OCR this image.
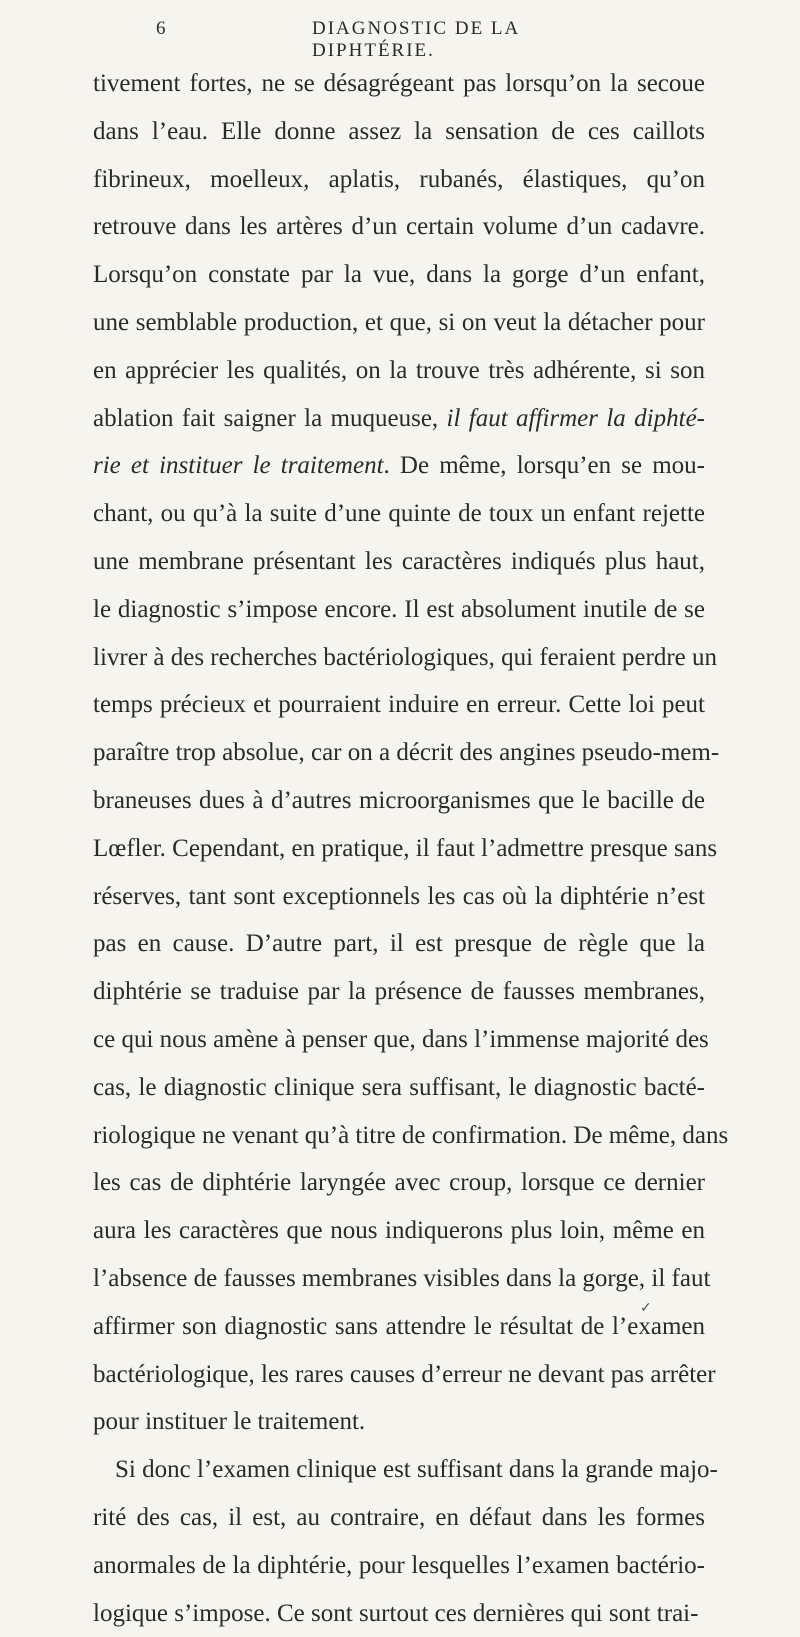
6	DIAGNOSTIC DE LA DIPHTÉRIE.
tivement fortes, ne se désagrégeant pas lorsqu’on la secoue
dans l’eau. Elle donne assez la sensation de ces caillots
fibrineux, moelleux, aplatis, rubanés, élastiques, qu’on
retrouve dans les artères d’un certain volume d’un cadavre.
Lorsqu’on constate par la vue, dans la gorge d’un enfant,
une semblable production, et que, si on veut la détacher pour
en apprécier les qualités, on la trouve très adhérente, si son
ablation fait saigner la muqueuse, il faut affirmer la diphté-
rie et instituer le traitement. De même, lorsqu’en se mou-
chant, ou qu’à la suite d’une quinte de toux un enfant rejette
une membrane présentant les caractères indiqués plus haut,
le diagnostic s’impose encore. Il est absolument inutile de se
livrer à des recherches bactériologiques, qui feraient perdre un
temps précieux et pourraient induire en erreur. Cette loi peut
paraître trop absolue, car on a décrit des angines pseudo-mem-
braneuses dues à d’autres microorganismes que le bacille de
Lœfler. Cependant, en pratique, il faut l’admettre presque sans
réserves, tant sont exceptionnels les cas où la diphtérie n’est
pas en cause. D’autre part, il est presque de règle que la
diphtérie se traduise par la présence de fausses membranes,
ce qui nous amène à penser que, dans l’immense majorité des
cas, le diagnostic clinique sera suffisant, le diagnostic bacté-
riologique ne venant qu’à titre de confirmation. De même, dans
les cas de diphtérie laryngée avec croup, lorsque ce dernier
aura les caractères que nous indiquerons plus loin, même en
l’absence de fausses membranes visibles dans la gorge, il faut
affirmer son diagnostic sans attendre le résultat de l’examen
bactériologique, les rares causes d’erreur ne devant pas arrêter
pour instituer le traitement.
Si donc l’examen clinique est suffisant dans la grande majo-
rité des cas, il est, au contraire, en défaut dans les formes
anormales de la diphtérie, pour lesquelles l’examen bactério-
logique s’impose. Ce sont surtout ces dernières qui sont trai-
✓
